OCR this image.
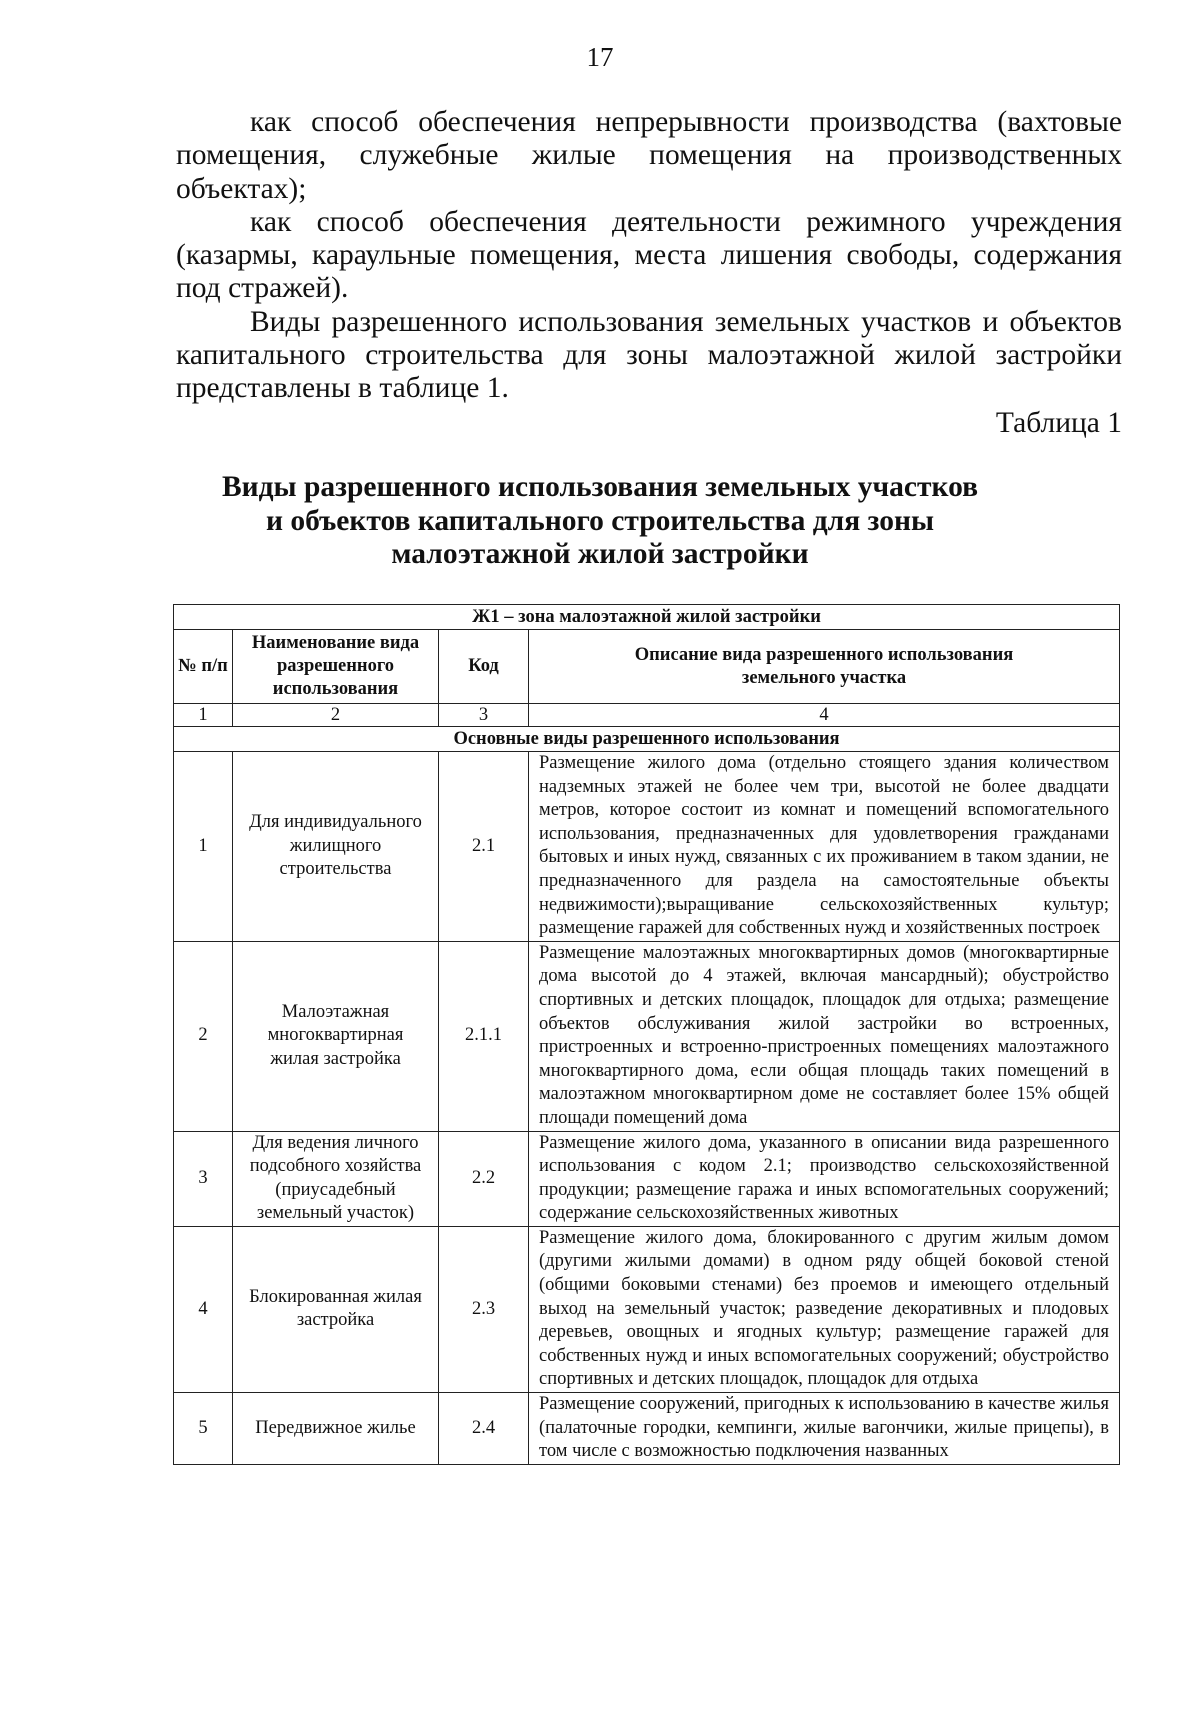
17

как способ обеспечения непрерывности производства (вахтовые помещения, служебные жилые помещения на производственных объектах);

как способ обеспечения деятельности режимного учреждения (казармы, караульные помещения, места лишения свободы, содержания под стражей).

Виды разрешенного использования земельных участков и объектов капитального строительства для зоны малоэтажной жилой застройки представлены в таблице 1.

Таблица 1
Виды разрешенного использования земельных участков
и объектов капитального строительства для зоны
малоэтажной жилой застройки
Ж1 – зона малоэтажной жилой застройки			
№ п/п	Наименование вида разрешенного использования	Код	Описание вида разрешенного использования земельного участка
1	2	3	4
Основные виды разрешенного использования			
1	Для индивидуального жилищного строительства	2.1	Размещение жилого дома (отдельно стоящего здания количеством надземных этажей не более чем три, высотой не более двадцати метров, которое состоит из комнат и помещений вспомогательного использования, предназначенных для удовлетворения гражданами бытовых и иных нужд, связанных с их проживанием в таком здании, не предназначенного для раздела на самостоятельные объекты недвижимости);выращивание сельскохозяйственных культур; размещение гаражей для собственных нужд и хозяйственных построек
2	Малоэтажная многоквартирная жилая застройка	2.1.1	Размещение малоэтажных многоквартирных домов (многоквартирные дома высотой до 4 этажей, включая мансардный); обустройство спортивных и детских площадок, площадок для отдыха; размещение объектов обслуживания жилой застройки во встроенных, пристроенных и встроенно-пристроенных помещениях малоэтажного многоквартирного дома, если общая площадь таких помещений в малоэтажном многоквартирном доме не составляет более 15% общей площади помещений дома
3	Для ведения личного подсобного хозяйства (приусадебный земельный участок)	2.2	Размещение жилого дома, указанного в описании вида разрешенного использования с кодом 2.1; производство сельскохозяйственной продукции; размещение гаража и иных вспомогательных сооружений; содержание сельскохозяйственных животных
4	Блокированная жилая застройка	2.3	Размещение жилого дома, блокированного с другим жилым домом (другими жилыми домами) в одном ряду общей боковой стеной (общими боковыми стенами) без проемов и имеющего отдельный выход на земельный участок; разведение декоративных и плодовых деревьев, овощных и ягодных культур; размещение гаражей для собственных нужд и иных вспомогательных сооружений; обустройство спортивных и детских площадок, площадок для отдыха
5	Передвижное жилье	2.4	Размещение сооружений, пригодных к использованию в качестве жилья (палаточные городки, кемпинги, жилые вагончики, жилые прицепы), в том числе с возможностью подключения названных
